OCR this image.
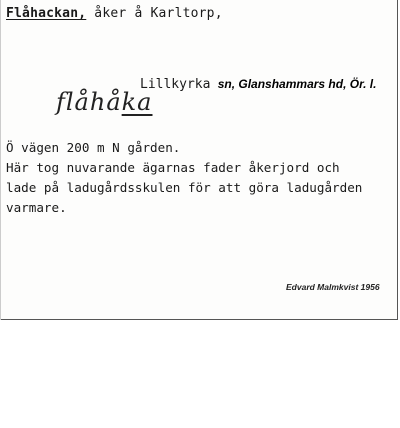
Flåhackan, åker å Karltorp,
Lillkyrka sn, Glanshammars hd, Ör. l.
flåhåka

Ö vägen 200 m N gården.

Här tog nuvarande ägarnas fader åkerjord och

lade på ladugårdsskulen för att göra ladugården

varmare.

Edvard Malmkvist 1956
